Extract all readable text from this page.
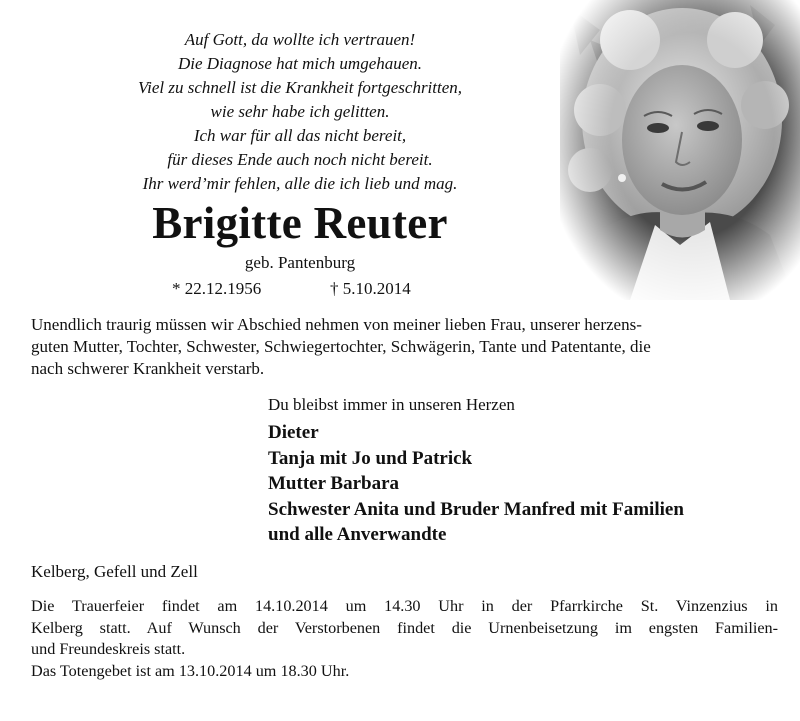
Auf Gott, da wollte ich vertrauen!
Die Diagnose hat mich umgehauen.
Viel zu schnell ist die Krankheit fortgeschritten,
wie sehr habe ich gelitten.
Ich war für all das nicht bereit,
für dieses Ende auch noch nicht bereit.
Ihr werd’mir fehlen, alle die ich lieb und mag.
Brigitte Reuter
geb. Pantenburg
* 22.12.1956	† 5.10.2014
Unendlich traurig müssen wir Abschied nehmen von meiner lieben Frau, unserer herzens-
guten Mutter, Tochter, Schwester, Schwiegertochter, Schwägerin, Tante und Patentante, die
nach schwerer Krankheit verstarb.
Du bleibst immer in unseren Herzen
Dieter
Tanja mit Jo und Patrick
Mutter Barbara
Schwester Anita und Bruder Manfred mit Familien
und alle Anverwandte
Kelberg, Gefell und Zell
Die Trauerfeier findet am 14.10.2014 um 14.30 Uhr in der Pfarrkirche St. Vinzenzius in
Kelberg statt. Auf Wunsch der Verstorbenen findet die Urnenbeisetzung im engsten Familien-
und Freundeskreis statt.
Das Totengebet ist am 13.10.2014 um 18.30 Uhr.
